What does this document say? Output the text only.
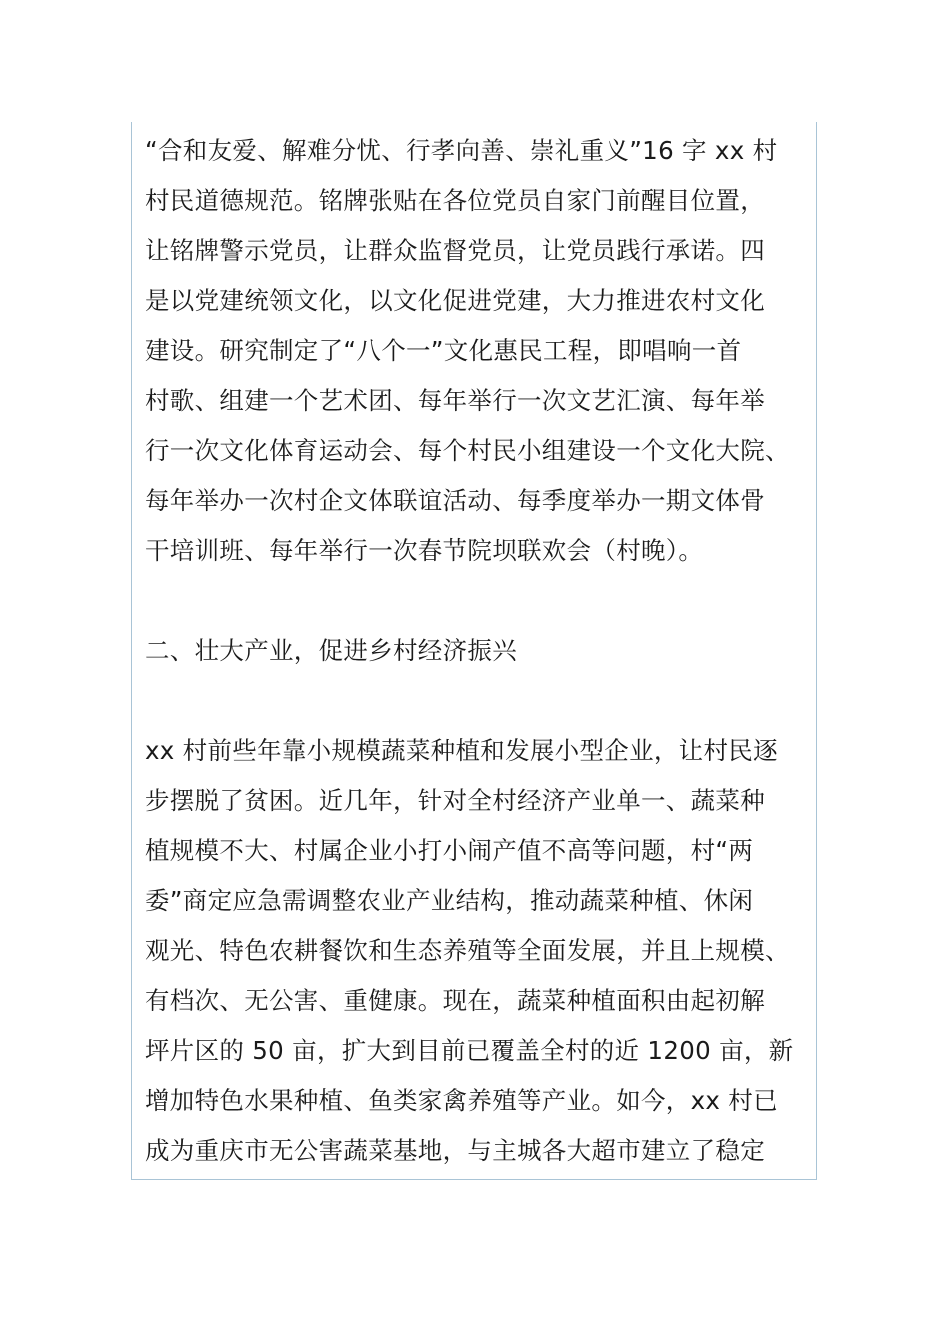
“合和友爱、解难分忧、行孝向善、崇礼重义”16 字 xx 村
村民道德规范。铭牌张贴在各位党员自家门前醒目位置，
让铭牌警示党员，让群众监督党员，让党员践行承诺。四
是以党建统领文化，以文化促进党建，大力推进农村文化
建设。研究制定了“八个一”文化惠民工程，即唱响一首
村歌、组建一个艺术团、每年举行一次文艺汇演、每年举
行一次文化体育运动会、每个村民小组建设一个文化大院、
每年举办一次村企文体联谊活动、每季度举办一期文体骨
干培训班、每年举行一次春节院坝联欢会（村晚）。
二、壮大产业，促进乡村经济振兴
xx 村前些年靠小规模蔬菜种植和发展小型企业，让村民逐
步摆脱了贫困。近几年，针对全村经济产业单一、蔬菜种
植规模不大、村属企业小打小闹产值不高等问题，村“两
委”商定应急需调整农业产业结构，推动蔬菜种植、休闲
观光、特色农耕餐饮和生态养殖等全面发展，并且上规模、
有档次、无公害、重健康。现在，蔬菜种植面积由起初解
坪片区的 50 亩，扩大到目前已覆盖全村的近 1200 亩，新
增加特色水果种植、鱼类家禽养殖等产业。如今，xx 村已
成为重庆市无公害蔬菜基地，与主城各大超市建立了稳定
